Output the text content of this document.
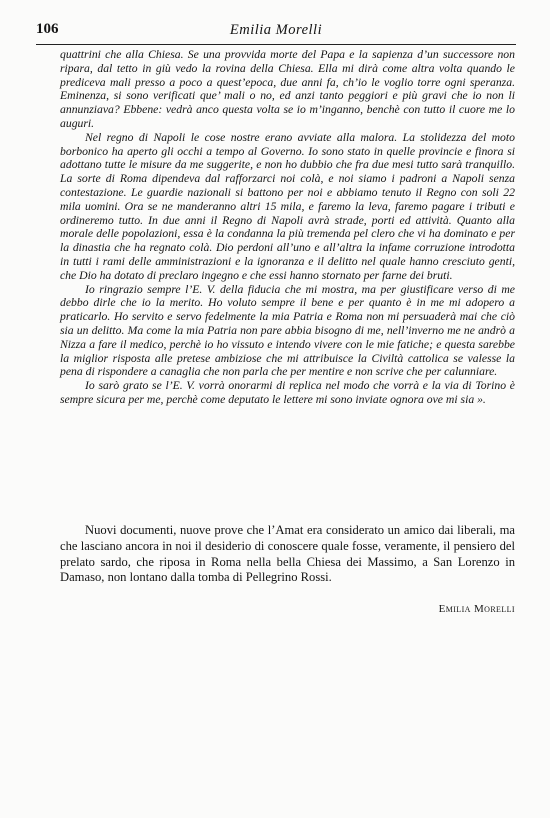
106	Emilia Morelli

quattrini che alla Chiesa. Se una provvida morte del Papa e la sapienza d’un successore non ripara, dal tetto in giù vedo la rovina della Chiesa. Ella mi dirà come altra volta quando le prediceva mali presso a poco a quest’epoca, due anni fa, ch’io le voglio torre ogni speranza. Eminenza, si sono verificati que’ mali o no, ed anzi tanto peggiori e più gravi che io non li annunziava? Ebbene: vedrà anco questa volta se io m’inganno, benchè con tutto il cuore me lo auguri.

Nel regno di Napoli le cose nostre erano avviate alla malora. La stolidezza del moto borbonico ha aperto gli occhi a tempo al Governo. Io sono stato in quelle provincie e finora si adottano tutte le misure da me suggerite, e non ho dubbio che fra due mesi tutto sarà tranquillo. La sorte di Roma dipendeva dal rafforzarci noi colà, e noi siamo i padroni a Napoli senza contestazione. Le guardie nazionali si battono per noi e abbiamo tenuto il Regno con soli 22 mila uomini. Ora se ne manderanno altri 15 mila, e faremo la leva, faremo pagare i tributi e ordineremo tutto. In due anni il Regno di Napoli avrà strade, porti ed attività. Quanto alla morale delle popolazioni, essa è la condanna la più tremenda pel clero che vi ha dominato e per la dinastia che ha regnato colà. Dio perdoni all’uno e all’altra la infame corruzione introdotta in tutti i rami delle amministrazioni e la ignoranza e il delitto nel quale hanno cresciuto genti, che Dio ha dotato di preclaro ingegno e che essi hanno stornato per farne dei bruti.

Io ringrazio sempre l’E. V. della fiducia che mi mostra, ma per giustificare verso di me debbo dirle che io la merito. Ho voluto sempre il bene e per quanto è in me mi adopero a praticarlo. Ho servito e servo fedelmente la mia Patria e Roma non mi persuaderà mai che ciò sia un delitto. Ma come la mia Patria non pare abbia bisogno di me, nell’inverno me ne andrò a Nizza a fare il medico, perchè io ho vissuto e intendo vivere con le mie fatiche; e questa sarebbe la miglior risposta alle pretese ambiziose che mi attribuisce la Civiltà cattolica se valesse la pena di rispondere a canaglia che non parla che per mentire e non scrive che per calunniare.

Io sarò grato se l’E. V. vorrà onorarmi di replica nel modo che vorrà e la via di Torino è sempre sicura per me, perchè come deputato le lettere mi sono inviate ognora ove mi sia ».

Nuovi documenti, nuove prove che l’Amat era considerato un amico dai liberali, ma che lasciano ancora in noi il desiderio di conoscere quale fosse, veramente, il pensiero del prelato sardo, che riposa in Roma nella bella Chiesa dei Massimo, a San Lorenzo in Damaso, non lontano dalla tomba di Pellegrino Rossi.

Emilia Morelli
